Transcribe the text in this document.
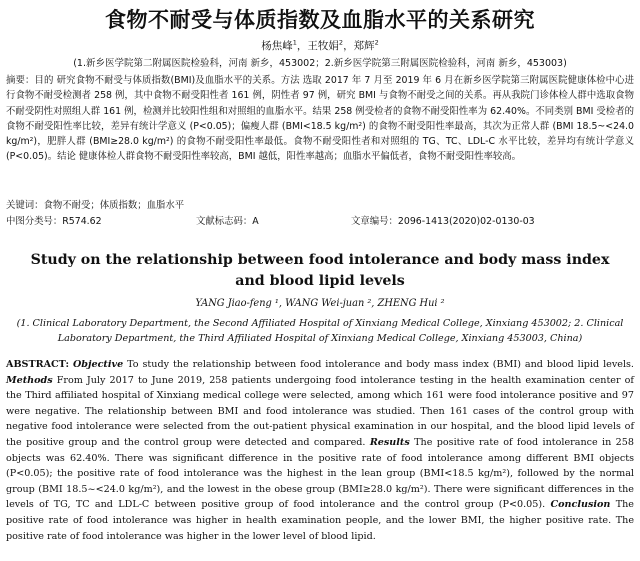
食物不耐受与体质指数及血脂水平的关系研究
杨焦峰$^1$，王牧娟$^2$，郑辉$^2$
(1.新乡医学院第二附属医院检验科，河南 新乡，453002；2.新乡医学院第三附属医院检验科，河南 新乡，453003)
摘要：目的 研究食物不耐受与体质指数(BMI)及血脂水平的关系。方法 选取 2017 年 7 月至 2019 年 6 月在新乡医学院第三附属医院健康体检中心进行食物不耐受检测者 258 例，其中食物不耐受阳性者 161 例，阴性者 97 例，研究 BMI 与食物不耐受之间的关系。再从我院门诊体检人群中选取食物不耐受阴性对照组人群 161 例，检测并比较阳性组和对照组的血脂水平。结果 258 例受检者的食物不耐受阳性率为 62.40%。不同类别 BMI 受检者的食物不耐受阳性率比较，差异有统计学意义 (P<0.05)；偏瘦人群 (BMI<18.5 kg/m²) 的食物不耐受阳性率最高，其次为正常人群 (BMI 18.5~<24.0 kg/m²)，肥胖人群 (BMI≥28.0 kg/m²) 的食物不耐受阳性率最低。食物不耐受阳性者和对照组的 TG、TC、LDL-C 水平比较，差异均有统计学意义 (P<0.05)。结论 健康体检人群食物不耐受阳性率较高，BMI 越低，阳性率越高；血脂水平偏低者，食物不耐受阳性率较高。
关键词：食物不耐受；体质指数；血脂水平
中图分类号：R574.62	文献标志码：A	文章编号：2096-1413(2020)02-0130-03
Study on the relationship between food intolerance and body mass index and blood lipid levels
YANG Jiao-feng ¹, WANG Wei-juan ², ZHENG Hui ²
(1. Clinical Laboratory Department, the Second Affiliated Hospital of Xinxiang Medical College, Xinxiang 453002; 2. Clinical Laboratory Department, the Third Affiliated Hospital of Xinxiang Medical College, Xinxiang 453003, China)
ABSTRACT: Objective To study the relationship between food intolerance and body mass index (BMI) and blood lipid levels. Methods From July 2017 to June 2019, 258 patients undergoing food intolerance testing in the health examination center of the Third affiliated hospital of Xinxiang medical college were selected, among which 161 were food intolerance positive and 97 were negative. The relationship between BMI and food intolerance was studied. Then 161 cases of the control group with negative food intolerance were selected from the out-patient physical examination in our hospital, and the blood lipid levels of the positive group and the control group were detected and compared. Results The positive rate of food intolerance in 258 objects was 62.40%. There was significant difference in the positive rate of food intolerance among different BMI objects (P<0.05); the positive rate of food intolerance was the highest in the lean group (BMI<18.5 kg/m²), followed by the normal group (BMI 18.5~<24.0 kg/m²), and the lowest in the obese group (BMI≥28.0 kg/m²). There were significant differences in the levels of TG, TC and LDL-C between positive group of food intolerance and the control group (P<0.05). Conclusion The positive rate of food intolerance was higher in health examination people, and the lower BMI, the higher positive rate. The positive rate of food intolerance was higher in the lower level of blood lipid.
